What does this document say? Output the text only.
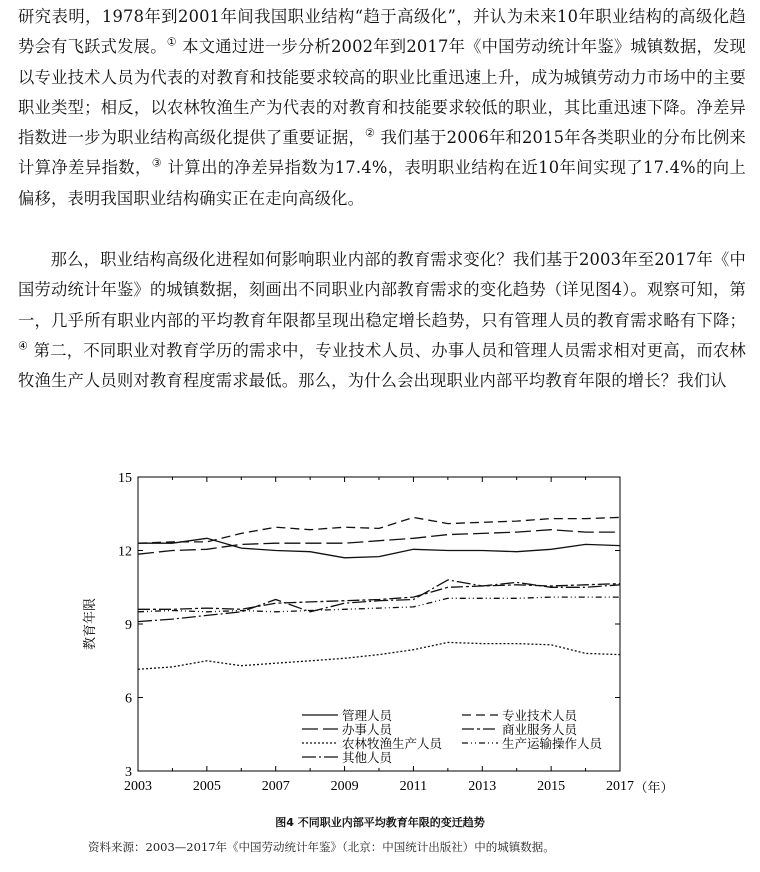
研究表明，1978年到2001年间我国职业结构“趋于高级化”，并认为未来10年职业结构的高级化趋势会有飞跃式发展。① 本文通过进一步分析2002年到2017年《中国劳动统计年鉴》城镇数据，发现以专业技术人员为代表的对教育和技能要求较高的职业比重迅速上升，成为城镇劳动力市场中的主要职业类型；相反，以农林牧渔生产为代表的对教育和技能要求较低的职业，其比重迅速下降。净差异指数进一步为职业结构高级化提供了重要证据，② 我们基于2006年和2015年各类职业的分布比例来计算净差异指数，③ 计算出的净差异指数为17.4%，表明职业结构在近10年间实现了17.4%的向上偏移，表明我国职业结构确实正在走向高级化。
那么，职业结构高级化进程如何影响职业内部的教育需求变化？我们基于2003年至2017年《中国劳动统计年鉴》的城镇数据，刻画出不同职业内部教育需求的变化趋势（详见图4）。观察可知，第一，几乎所有职业内部的平均教育年限都呈现出稳定增长趋势，只有管理人员的教育需求略有下降；④ 第二，不同职业对教育学历的需求中，专业技术人员、办事人员和管理人员需求相对更高，而农林牧渔生产人员则对教育程度需求最低。那么，为什么会出现职业内部平均教育年限的增长？我们认
3
6
9
12
15
2003	2005	2007	2009	2011	2013	2015	2017
教育年限
（年）
管理人员	专业技术人员
办事人员	商业服务人员
农林牧渔生产人员	生产运输操作人员
其他人员
图4 不同职业内部平均教育年限的变迁趋势
资料来源：2003—2017年《中国劳动统计年鉴》（北京：中国统计出版社）中的城镇数据。
